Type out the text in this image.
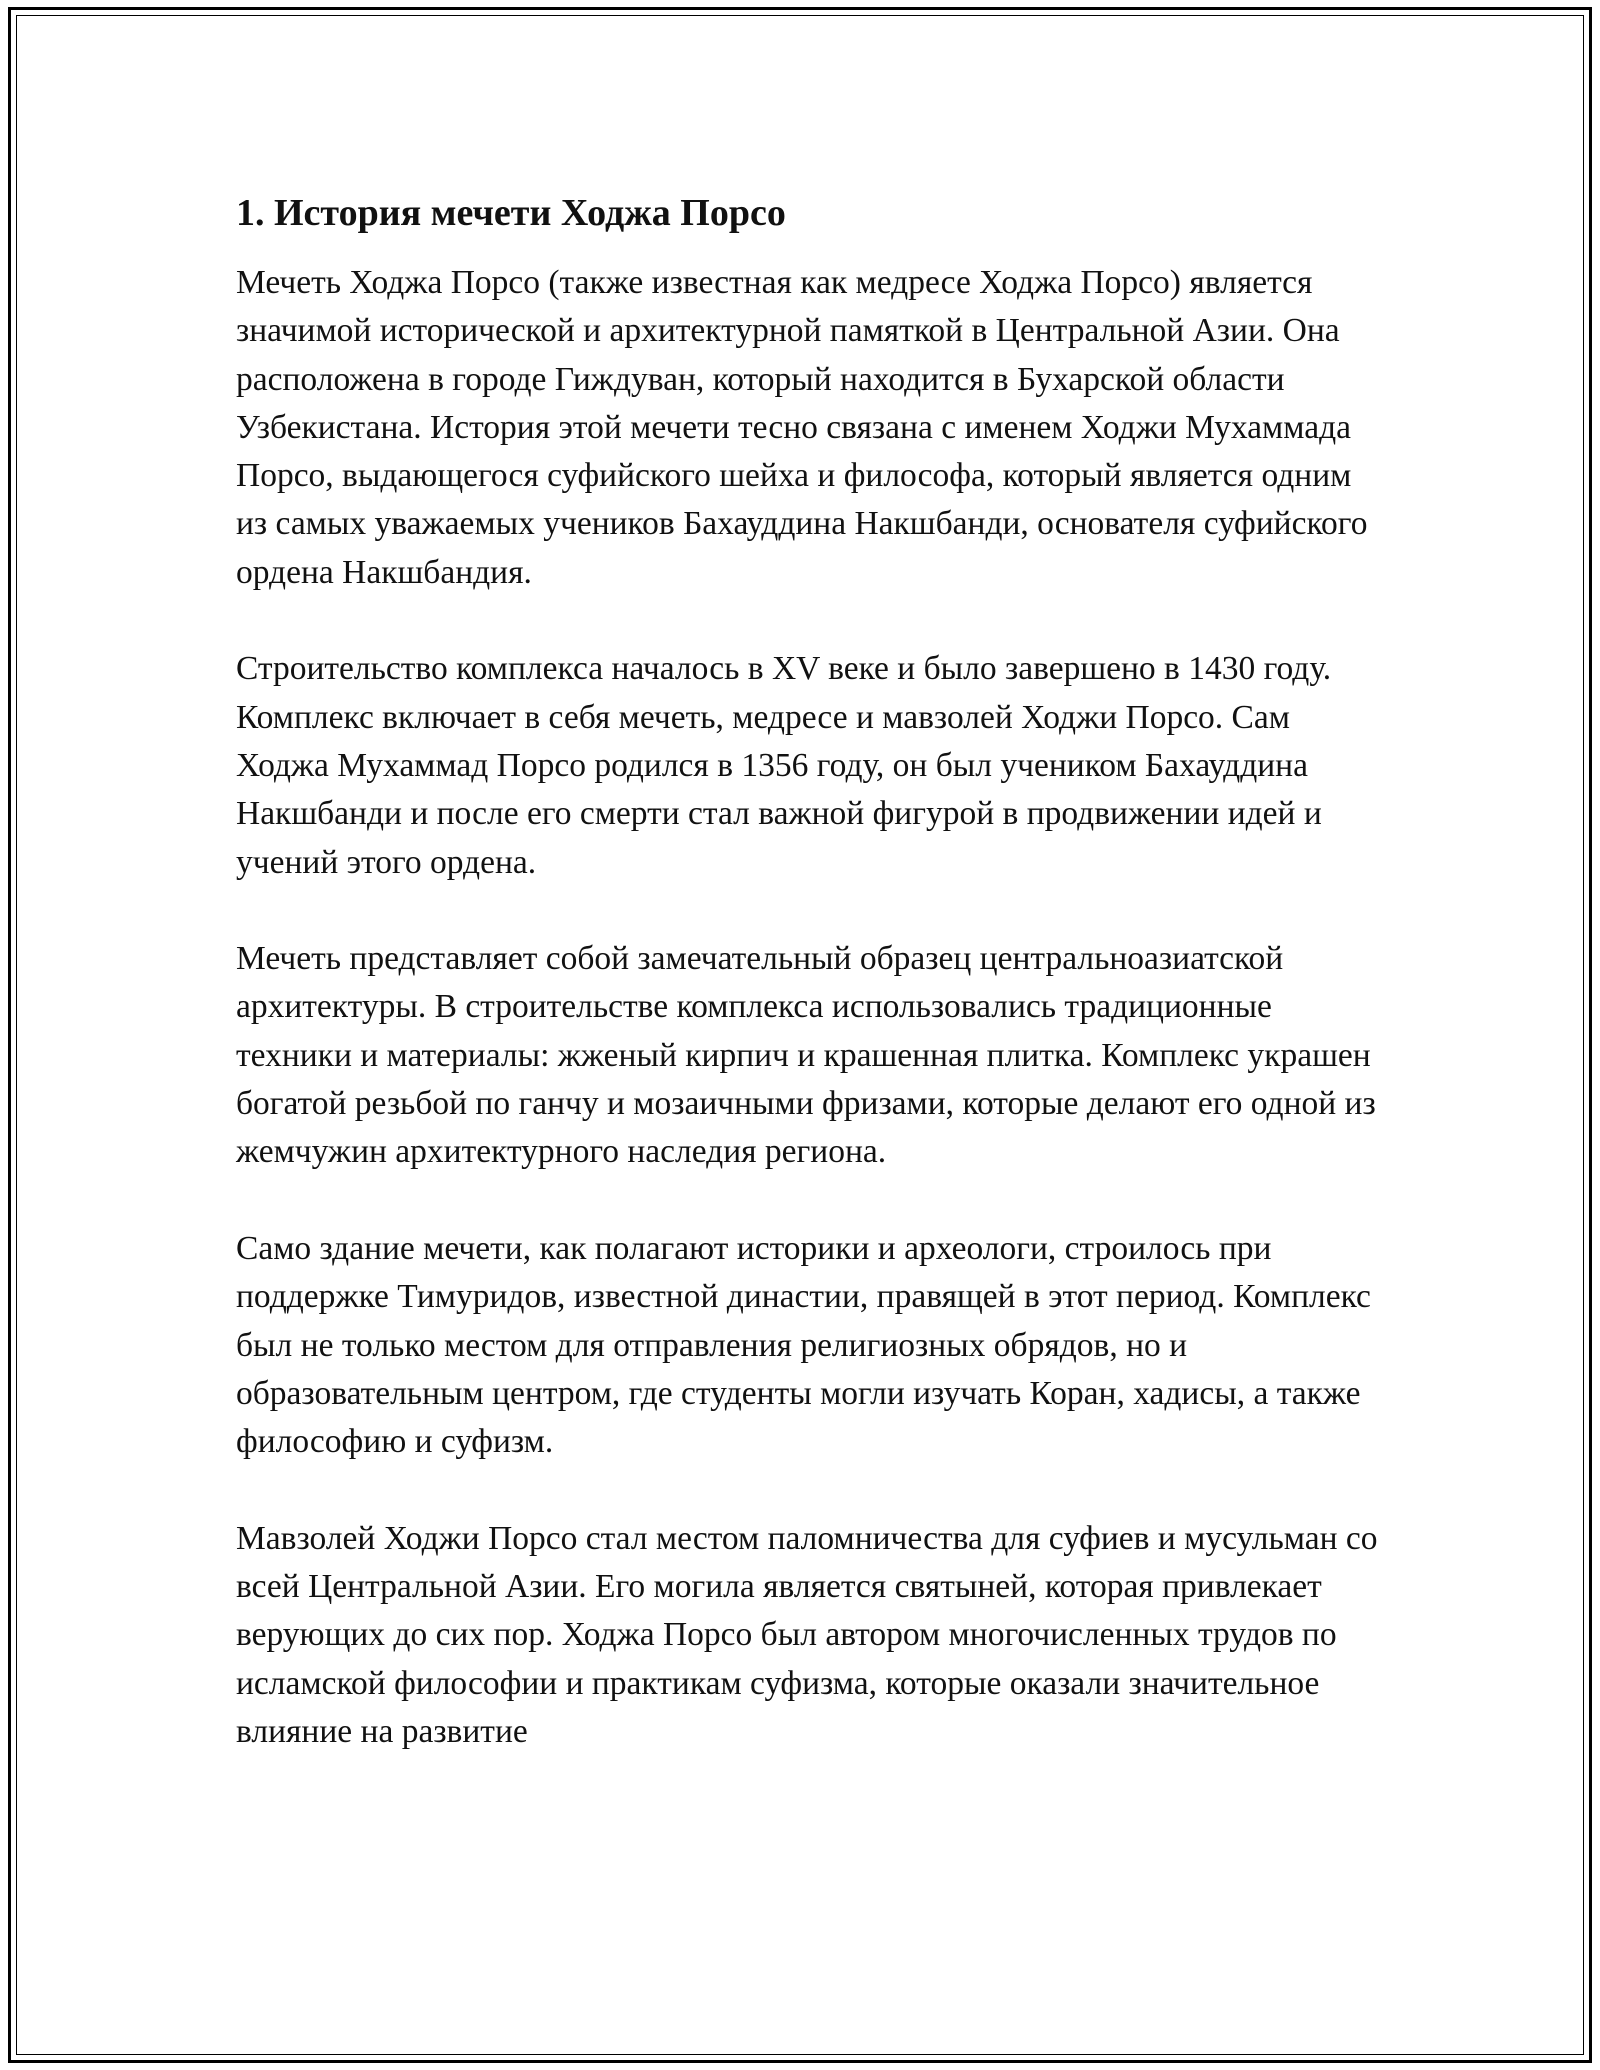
1. История мечети Ходжа Порсо

Мечеть Ходжа Порсо (также известная как медресе Ходжа Порсо) является значимой исторической и архитектурной памяткой в Центральной Азии. Она расположена в городе Гиждуван, который находится в Бухарской области Узбекистана. История этой мечети тесно связана с именем Ходжи Мухаммада Порсо, выдающегося суфийского шейха и философа, который является одним из самых уважаемых учеников Бахауддина Накшбанди, основателя суфийского ордена Накшбандия.

Строительство комплекса началось в XV веке и было завершено в 1430 году. Комплекс включает в себя мечеть, медресе и мавзолей Ходжи Порсо. Сам Ходжа Мухаммад Порсо родился в 1356 году, он был учеником Бахауддина Накшбанди и после его смерти стал важной фигурой в продвижении идей и учений этого ордена.

Мечеть представляет собой замечательный образец центральноазиатской архитектуры. В строительстве комплекса использовались традиционные техники и материалы: жженый кирпич и крашенная плитка. Комплекс украшен богатой резьбой по ганчу и мозаичными фризами, которые делают его одной из жемчужин архитектурного наследия региона.

Само здание мечети, как полагают историки и археологи, строилось при поддержке Тимуридов, известной династии, правящей в этот период. Комплекс был не только местом для отправления религиозных обрядов, но и образовательным центром, где студенты могли изучать Коран, хадисы, а также философию и суфизм.

Мавзолей Ходжи Порсо стал местом паломничества для суфиев и мусульман со всей Центральной Азии. Его могила является святыней, которая привлекает верующих до сих пор. Ходжа Порсо был автором многочисленных трудов по исламской философии и практикам суфизма, которые оказали значительное влияние на развитие
